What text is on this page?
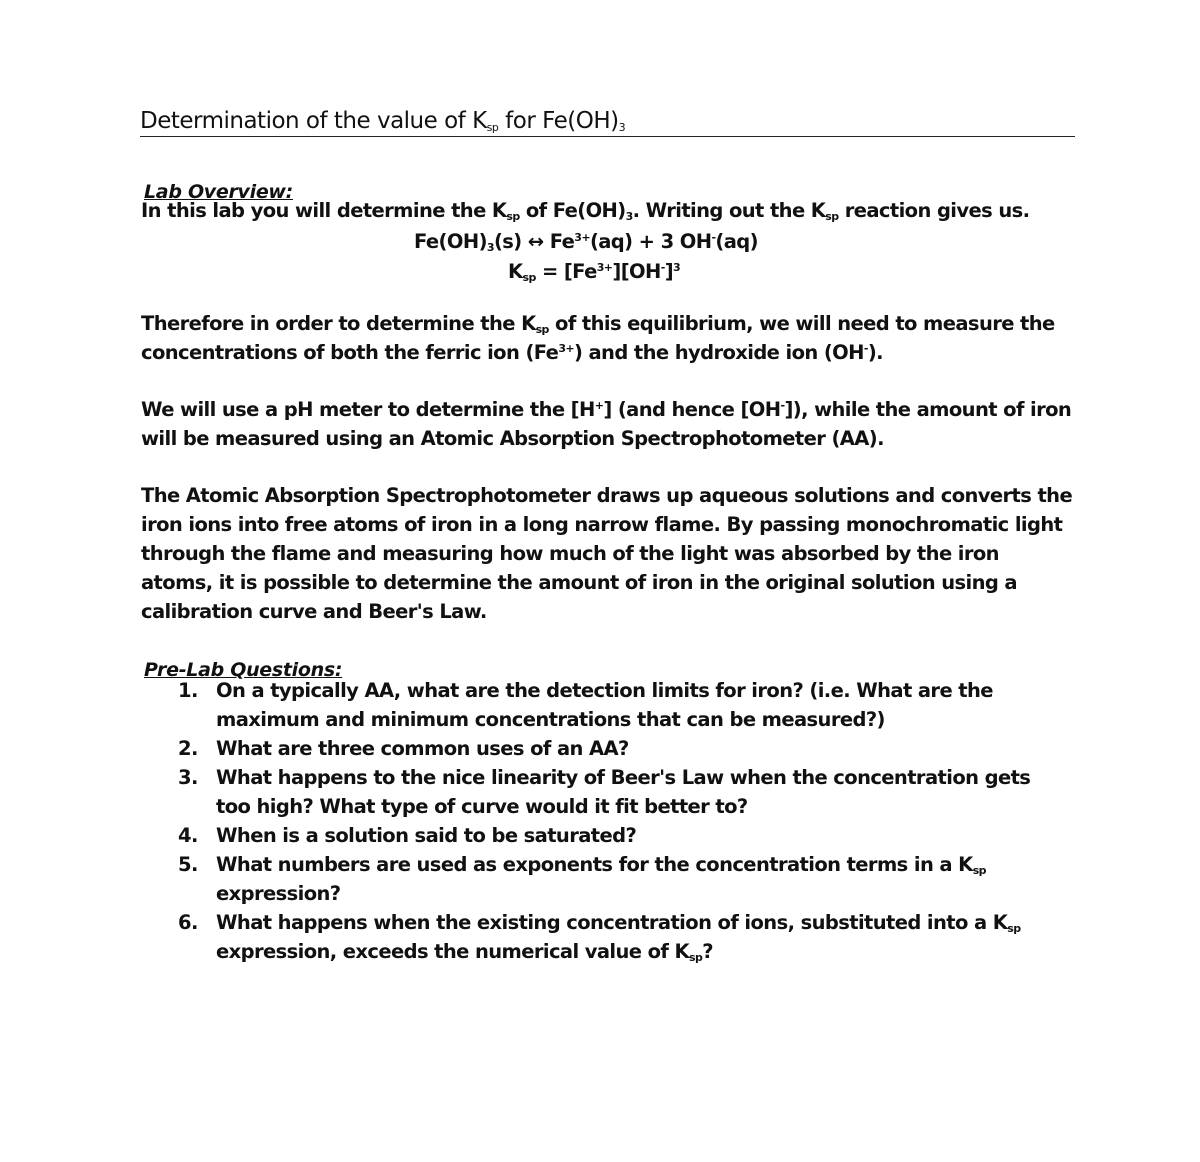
Determination of the value of $K_{sp}$ for $Fe(OH)_3$
Lab Overview:

In this lab you will determine the $K_{sp}$ of $Fe(OH)_3$. Writing out the $K_{sp}$ reaction gives us.

$Fe(OH)_3(s)$ ↔ $Fe^{3+}(aq) + 3$ OH-(aq)
$K_{sp} = [Fe^{3+}][OH^-]^3$

Therefore in order to determine the $K_{sp}$ of this equilibrium, we will need to measure the concentrations of both the ferric ion $(Fe^{3+})$ and the hydroxide ion (OH-).

We will use a pH meter to determine the [H+] (and hence [OH-]), while the amount of iron will be measured using an Atomic Absorption Spectrophotometer (AA).

The Atomic Absorption Spectrophotometer draws up aqueous solutions and converts the iron ions into free atoms of iron in a long narrow flame. By passing monochromatic light through the flame and measuring how much of the light was absorbed by the iron atoms, it is possible to determine the amount of iron in the original solution using a calibration curve and Beer's Law.

Pre-Lab Questions:
1. On a typically AA, what are the detection limits for iron? (i.e. What are the maximum and minimum concentrations that can be measured?)
2. What are three common uses of an AA?
3. What happens to the nice linearity of Beer's Law when the concentration gets too high? What type of curve would it fit better to?
4. When is a solution said to be saturated?
5. What numbers are used as exponents for the concentration terms in a $K_{sp}$ expression?
6. What happens when the existing concentration of ions, substituted into a $K_{sp}$ expression, exceeds the numerical value of $K_{sp}$?
